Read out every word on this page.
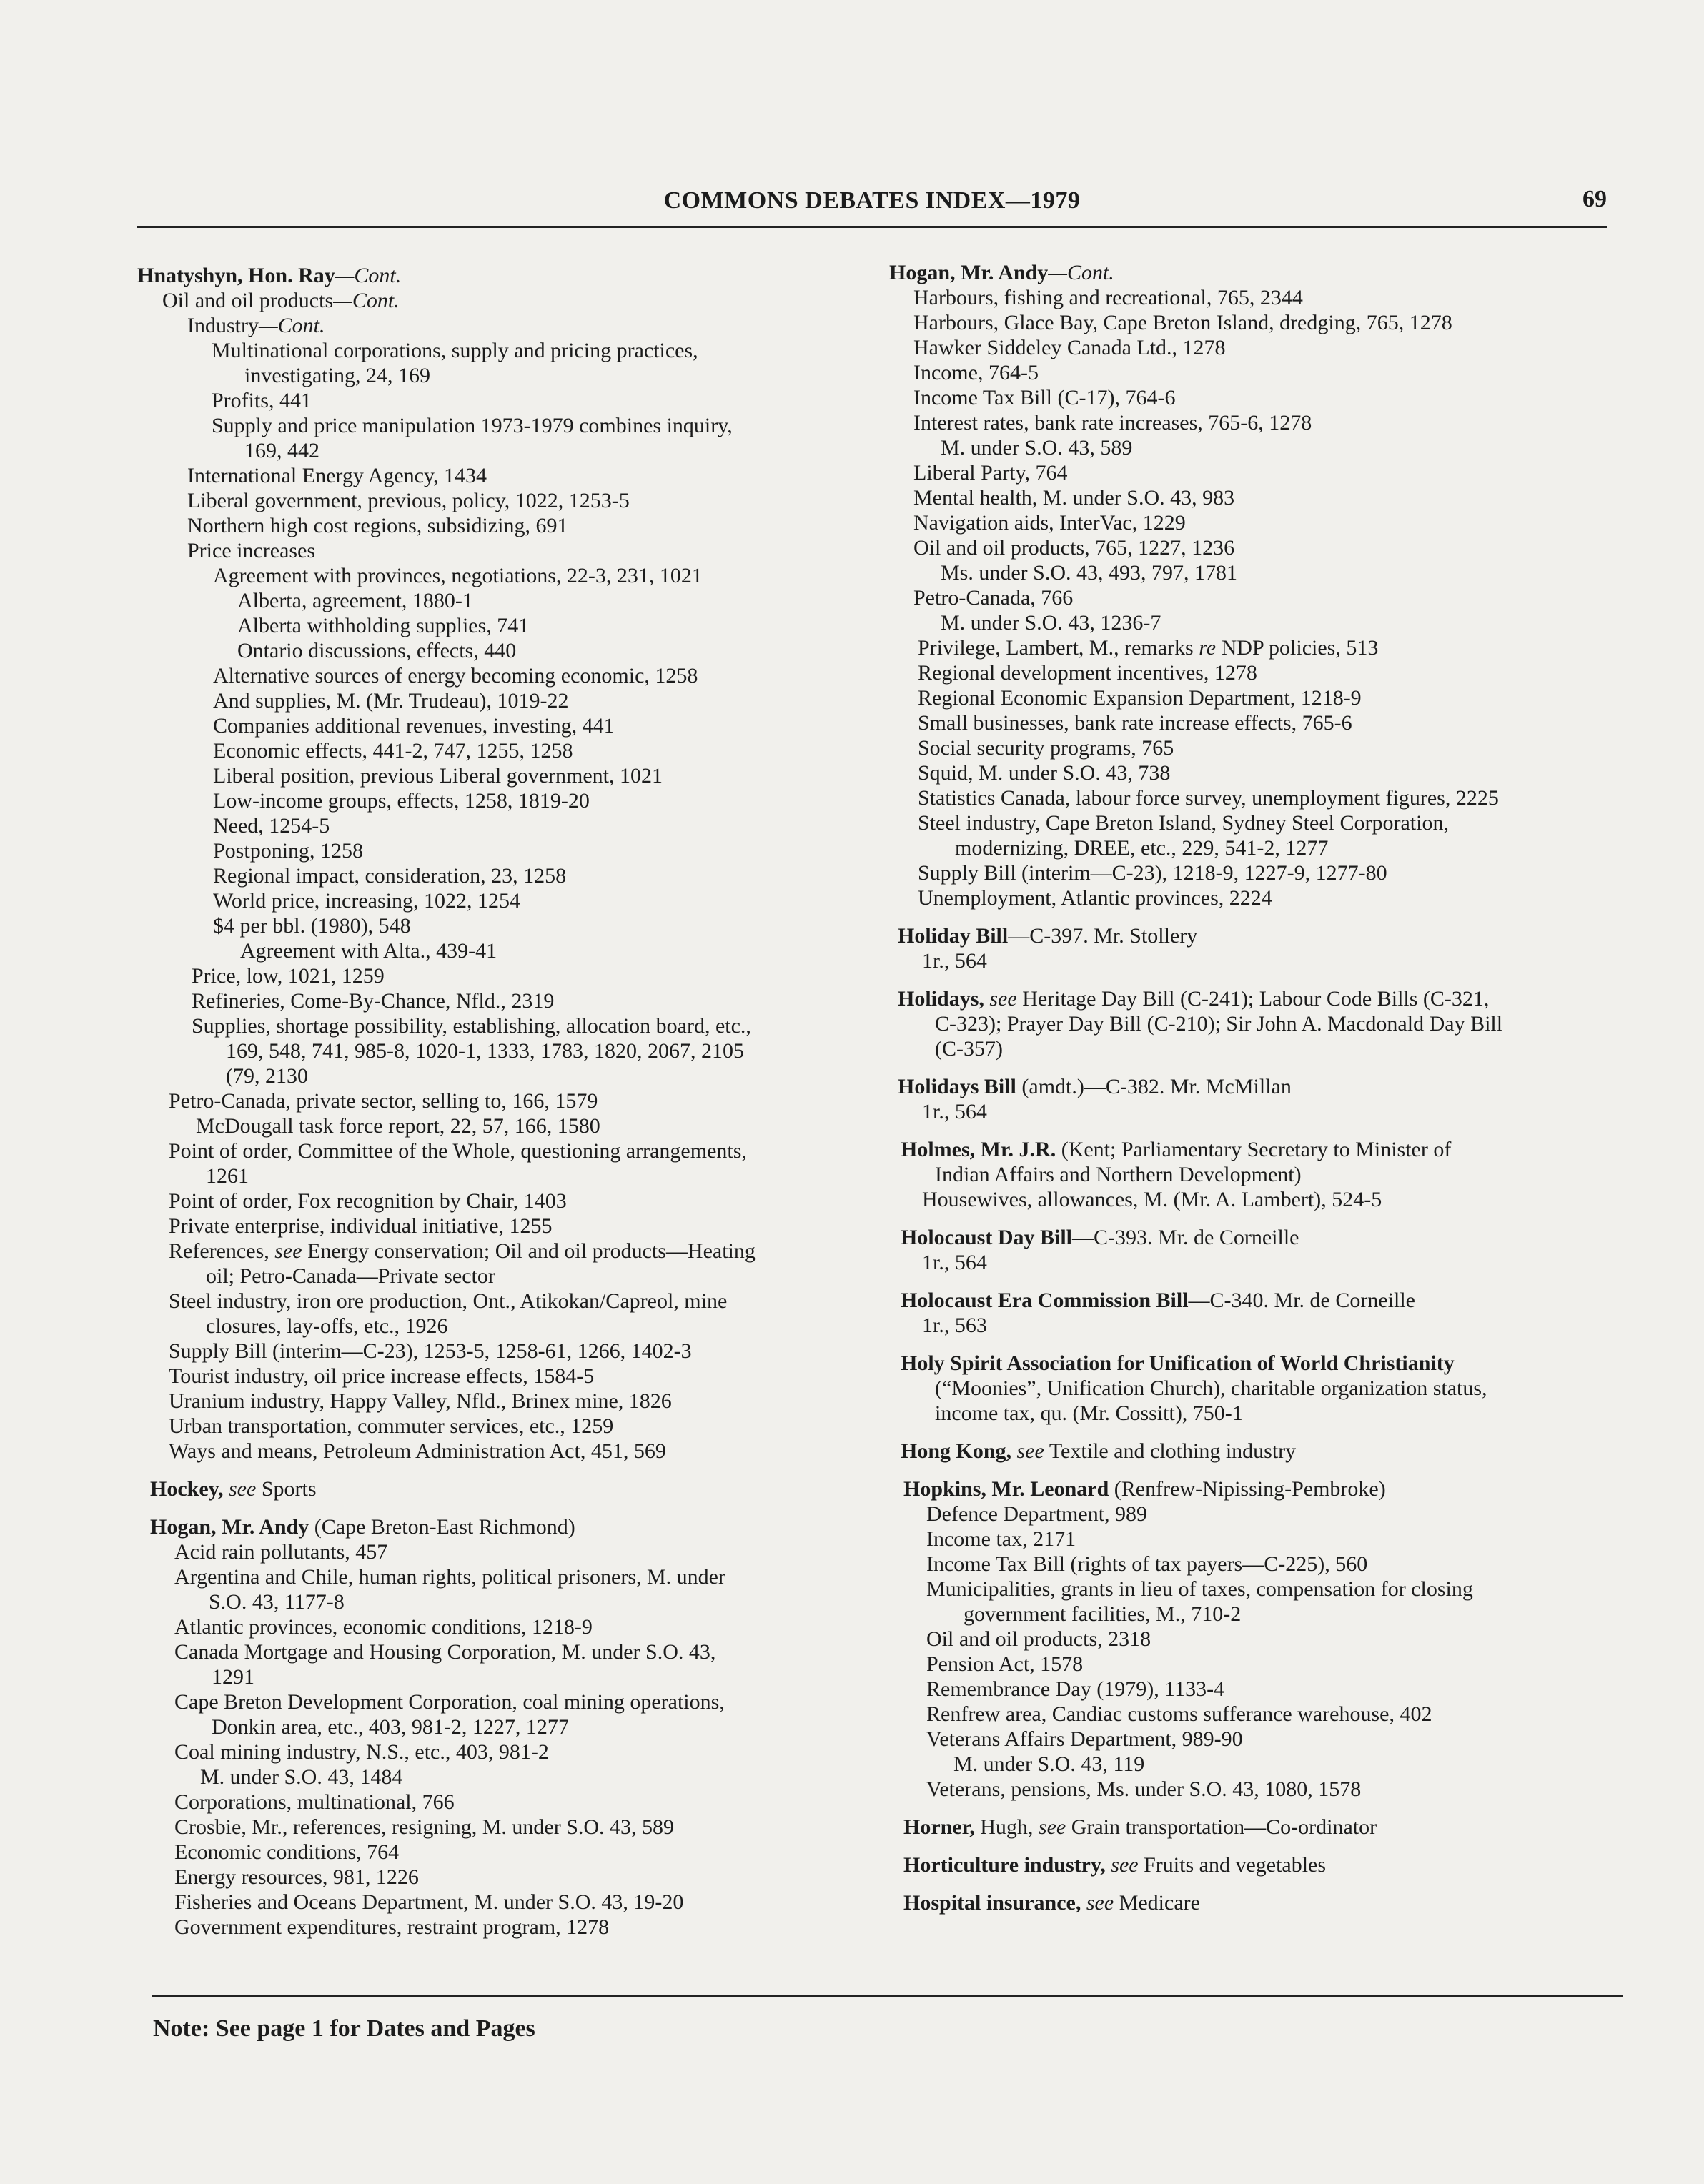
COMMONS DEBATES INDEX—1979	69
Hnatyshyn, Hon. Ray—Cont.
Oil and oil products—Cont.
Industry—Cont.
Multinational corporations, supply and pricing practices,
investigating, 24, 169
Profits, 441
Supply and price manipulation 1973-1979 combines inquiry,
169, 442
International Energy Agency, 1434
Liberal government, previous, policy, 1022, 1253-5
Northern high cost regions, subsidizing, 691
Price increases
Agreement with provinces, negotiations, 22-3, 231, 1021
Alberta, agreement, 1880-1
Alberta withholding supplies, 741
Ontario discussions, effects, 440
Alternative sources of energy becoming economic, 1258
And supplies, M. (Mr. Trudeau), 1019-22
Companies additional revenues, investing, 441
Economic effects, 441-2, 747, 1255, 1258
Liberal position, previous Liberal government, 1021
Low-income groups, effects, 1258, 1819-20
Need, 1254-5
Postponing, 1258
Regional impact, consideration, 23, 1258
World price, increasing, 1022, 1254
$4 per bbl. (1980), 548
Agreement with Alta., 439-41
Price, low, 1021, 1259
Refineries, Come-By-Chance, Nfld., 2319
Supplies, shortage possibility, establishing, allocation board, etc.,
169, 548, 741, 985-8, 1020-1, 1333, 1783, 1820, 2067, 2105
(79, 2130
Petro-Canada, private sector, selling to, 166, 1579
McDougall task force report, 22, 57, 166, 1580
Point of order, Committee of the Whole, questioning arrangements,
1261
Point of order, Fox recognition by Chair, 1403
Private enterprise, individual initiative, 1255
References, see Energy conservation; Oil and oil products—Heating
oil; Petro-Canada—Private sector
Steel industry, iron ore production, Ont., Atikokan/Capreol, mine
closures, lay-offs, etc., 1926
Supply Bill (interim—C-23), 1253-5, 1258-61, 1266, 1402-3
Tourist industry, oil price increase effects, 1584-5
Uranium industry, Happy Valley, Nfld., Brinex mine, 1826
Urban transportation, commuter services, etc., 1259
Ways and means, Petroleum Administration Act, 451, 569
Hockey, see Sports
Hogan, Mr. Andy (Cape Breton-East Richmond)
Acid rain pollutants, 457
Argentina and Chile, human rights, political prisoners, M. under
S.O. 43, 1177-8
Atlantic provinces, economic conditions, 1218-9
Canada Mortgage and Housing Corporation, M. under S.O. 43,
1291
Cape Breton Development Corporation, coal mining operations,
Donkin area, etc., 403, 981-2, 1227, 1277
Coal mining industry, N.S., etc., 403, 981-2
M. under S.O. 43, 1484
Corporations, multinational, 766
Crosbie, Mr., references, resigning, M. under S.O. 43, 589
Economic conditions, 764
Energy resources, 981, 1226
Fisheries and Oceans Department, M. under S.O. 43, 19-20
Government expenditures, restraint program, 1278
Hogan, Mr. Andy—Cont.
Harbours, fishing and recreational, 765, 2344
Harbours, Glace Bay, Cape Breton Island, dredging, 765, 1278
Hawker Siddeley Canada Ltd., 1278
Income, 764-5
Income Tax Bill (C-17), 764-6
Interest rates, bank rate increases, 765-6, 1278
M. under S.O. 43, 589
Liberal Party, 764
Mental health, M. under S.O. 43, 983
Navigation aids, InterVac, 1229
Oil and oil products, 765, 1227, 1236
Ms. under S.O. 43, 493, 797, 1781
Petro-Canada, 766
M. under S.O. 43, 1236-7
Privilege, Lambert, M., remarks re NDP policies, 513
Regional development incentives, 1278
Regional Economic Expansion Department, 1218-9
Small businesses, bank rate increase effects, 765-6
Social security programs, 765
Squid, M. under S.O. 43, 738
Statistics Canada, labour force survey, unemployment figures, 2225
Steel industry, Cape Breton Island, Sydney Steel Corporation,
modernizing, DREE, etc., 229, 541-2, 1277
Supply Bill (interim—C-23), 1218-9, 1227-9, 1277-80
Unemployment, Atlantic provinces, 2224
Holiday Bill—C-397. Mr. Stollery
1r., 564
Holidays, see Heritage Day Bill (C-241); Labour Code Bills (C-321,
C-323); Prayer Day Bill (C-210); Sir John A. Macdonald Day Bill
(C-357)
Holidays Bill (amdt.)—C-382. Mr. McMillan
1r., 564
Holmes, Mr. J.R. (Kent; Parliamentary Secretary to Minister of
Indian Affairs and Northern Development)
Housewives, allowances, M. (Mr. A. Lambert), 524-5
Holocaust Day Bill—C-393. Mr. de Corneille
1r., 564
Holocaust Era Commission Bill—C-340. Mr. de Corneille
1r., 563
Holy Spirit Association for Unification of World Christianity
(“Moonies”, Unification Church), charitable organization status,
income tax, qu. (Mr. Cossitt), 750-1
Hong Kong, see Textile and clothing industry
Hopkins, Mr. Leonard (Renfrew-Nipissing-Pembroke)
Defence Department, 989
Income tax, 2171
Income Tax Bill (rights of tax payers—C-225), 560
Municipalities, grants in lieu of taxes, compensation for closing
government facilities, M., 710-2
Oil and oil products, 2318
Pension Act, 1578
Remembrance Day (1979), 1133-4
Renfrew area, Candiac customs sufferance warehouse, 402
Veterans Affairs Department, 989-90
M. under S.O. 43, 119
Veterans, pensions, Ms. under S.O. 43, 1080, 1578
Horner, Hugh, see Grain transportation—Co-ordinator
Horticulture industry, see Fruits and vegetables
Hospital insurance, see Medicare
Note: See page 1 for Dates and Pages
